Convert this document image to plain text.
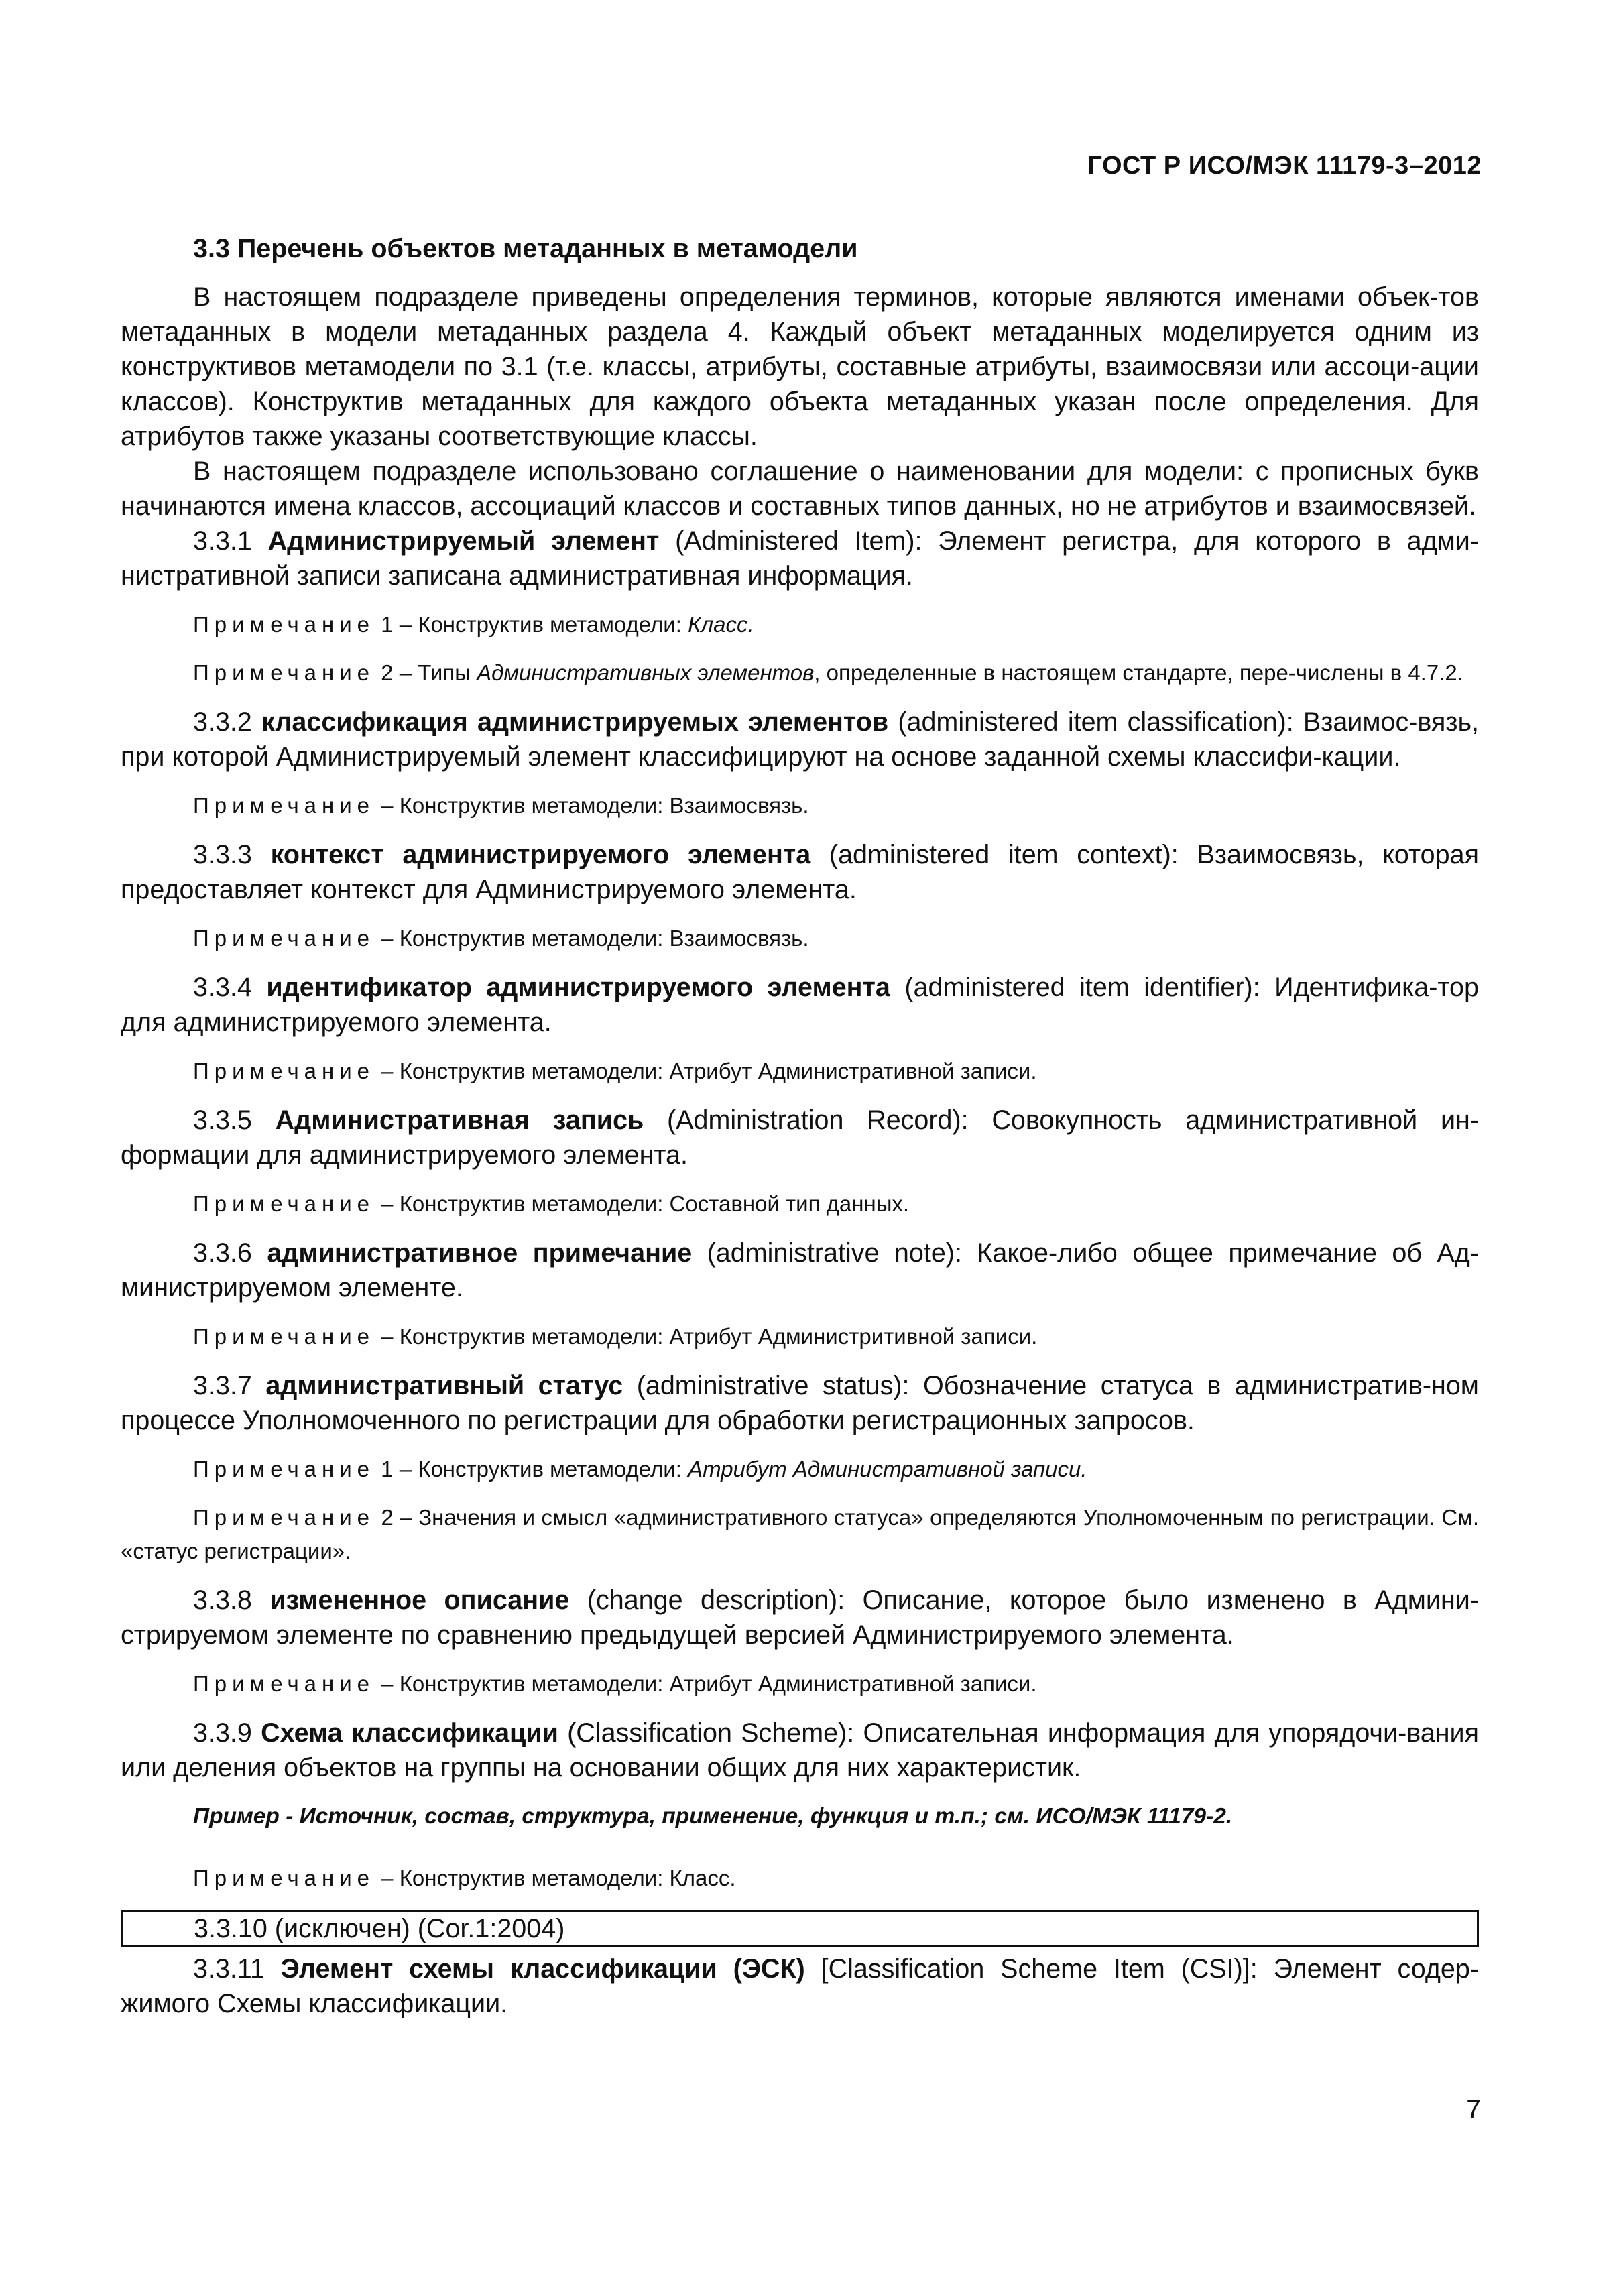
ГОСТ Р ИСО/МЭК 11179-3–2012

3.3 Перечень объектов метаданных в метамодели

В настоящем подразделе приведены определения терминов, которые являются именами объек-тов метаданных в модели метаданных раздела 4. Каждый объект метаданных моделируется одним из конструктивов метамодели по 3.1 (т.е. классы, атрибуты, составные атрибуты, взаимосвязи или ассоци-ации классов). Конструктив метаданных для каждого объекта метаданных указан после определения. Для атрибутов также указаны соответствующие классы.

В настоящем подразделе использовано соглашение о наименовании для модели: с прописных букв начинаются имена классов, ассоциаций классов и составных типов данных, но не атрибутов и взаимосвязей.

3.3.1 Администрируемый элемент (Administered Item): Элемент регистра, для которого в адми-нистративной записи записана административная информация.

Примечание 1 – Конструктив метамодели: Класс.

Примечание 2 – Типы Административных элементов, определенные в настоящем стандарте, пере-числены в 4.7.2.

3.3.2 классификация администрируемых элементов (administered item classification): Взаимос-вязь, при которой Администрируемый элемент классифицируют на основе заданной схемы классифи-кации.

Примечание – Конструктив метамодели: Взаимосвязь.

3.3.3 контекст администрируемого элемента (administered item context): Взаимосвязь, которая предоставляет контекст для Администрируемого элемента.

Примечание – Конструктив метамодели: Взаимосвязь.

3.3.4 идентификатор администрируемого элемента (administered item identifier): Идентифика-тор для администрируемого элемента.

Примечание – Конструктив метамодели: Атрибут Административной записи.

3.3.5 Административная запись (Administration Record): Совокупность административной ин-формации для администрируемого элемента.

Примечание – Конструктив метамодели: Составной тип данных.

3.3.6 административное примечание (administrative note): Какое-либо общее примечание об Ад-министрируемом элементе.

Примечание – Конструктив метамодели: Атрибут Администритивной записи.

3.3.7 административный статус (administrative status): Обозначение статуса в административ-ном процессе Уполномоченного по регистрации для обработки регистрационных запросов.

Примечание 1 – Конструктив метамодели: Атрибут Административной записи.

Примечание 2 – Значения и смысл «административного статуса» определяются Уполномоченным по регистрации. См. «статус регистрации».

3.3.8 измененное описание (change description): Описание, которое было изменено в Админи-стрируемом элементе по сравнению предыдущей версией Администрируемого элемента.

Примечание – Конструктив метамодели: Атрибут Административной записи.

3.3.9 Схема классификации (Classification Scheme): Описательная информация для упорядочи-вания или деления объектов на группы на основании общих для них характеристик.

Пример - Источник, состав, структура, применение, функция и т.п.; см. ИСО/МЭК 11179-2.

Примечание – Конструктив метамодели: Класс.

3.3.10 (исключен) (Cor.1:2004)

3.3.11 Элемент схемы классификации (ЭСК) [Classification Scheme Item (CSI)]: Элемент содер-жимого Схемы классификации.

7
